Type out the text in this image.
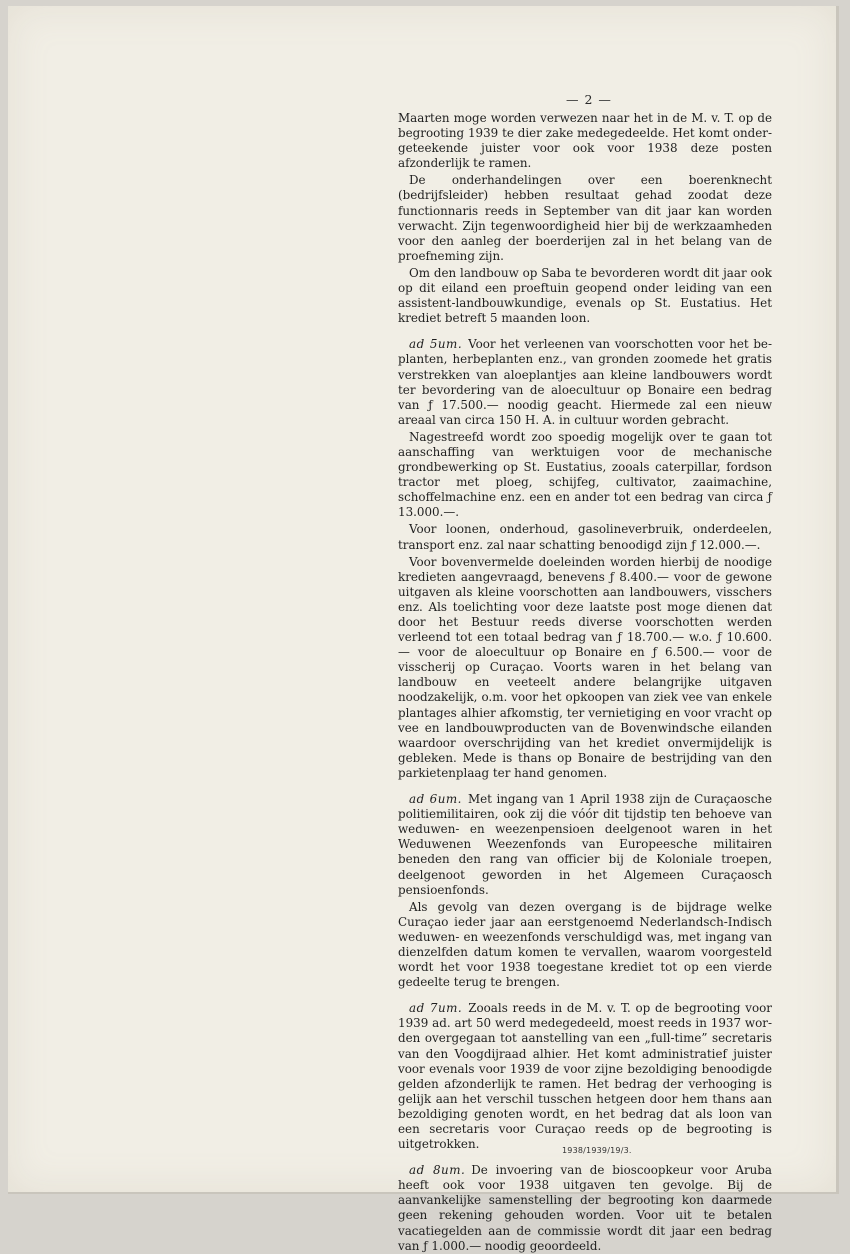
— 2 —

Maarten moge worden verwezen naar het in de M. v. T. op de begrooting 1939 te dier zake medegedeelde. Het komt ondergeteekende juister voor ook voor 1938 deze posten afzonderlijk te ramen.

De onderhandelingen over een boerenknecht (bedrijfsleider) hebben resultaat gehad zoodat deze functionnaris reeds in September van dit jaar kan worden verwacht. Zijn tegenwoordigheid hier bij de werkzaamheden voor den aanleg der boerderijen zal in het belang van de proefneming zijn.

Om den landbouw op Saba te bevorderen wordt dit jaar ook op dit eiland een proeftuin geopend onder leiding van een assistent-landbouwkundige, evenals op St. Eustatius. Het krediet betreft 5 maanden loon.

ad 5um. Voor het verleenen van voorschotten voor het beplanten, herbeplanten enz., van gronden zoomede het gratis verstrekken van aloeplantjes aan kleine landbouwers wordt ter bevordering van de aloecultuur op Bonaire een bedrag van ƒ 17.500.— noodig geacht. Hiermede zal een nieuw areaal van circa 150 H. A. in cultuur worden gebracht.

Nagestreefd wordt zoo spoedig mogelijk over te gaan tot aanschaffing van werktuigen voor de mechanische grondbewerking op St. Eustatius, zooals caterpillar, fordson tractor met ploeg, schijfeg, cultivator, zaaimachine, schoffelmachine enz. een en ander tot een bedrag van circa ƒ 13.000.—.

Voor loonen, onderhoud, gasolineverbruik, onderdeelen, transport enz. zal naar schatting benoodigd zijn ƒ 12.000.—.

Voor bovenvermelde doeleinden worden hierbij de noodige kredieten aangevraagd, benevens ƒ 8.400.— voor de gewone uitgaven als kleine voorschotten aan landbouwers, visschers enz. Als toelichting voor deze laatste post moge dienen dat door het Bestuur reeds diverse voorschotten werden verleend tot een totaal bedrag van ƒ 18.700.— w.o. ƒ 10.600.— voor de aloecultuur op Bonaire en ƒ 6.500.— voor de visscherij op Curaçao. Voorts waren in het belang van landbouw en veeteelt andere belangrijke uitgaven noodzakelijk, o.m. voor het opkoopen van ziek vee van enkele plantages alhier afkomstig, ter vernietiging en voor vracht op vee en landbouwproducten van de Bovenwindsche eilanden waardoor overschrijding van het krediet onvermijdelijk is gebleken. Mede is thans op Bonaire de bestrijding van den parkietenplaag ter hand genomen.

ad 6um. Met ingang van 1 April 1938 zijn de Curaçaosche politiemilitairen, ook zij die vóór dit tijdstip ten behoeve van weduwen- en weezenpensioen deelgenoot waren in het Weduwenen Weezenfonds van Europeesche militairen beneden den rang van officier bij de Koloniale troepen, deelgenoot geworden in het Algemeen Curaçaosch pensioenfonds.

Als gevolg van dezen overgang is de bijdrage welke Curaçao ieder jaar aan eerstgenoemd Nederlandsch-Indisch weduwen- en weezenfonds verschuldigd was, met ingang van dienzelfden datum komen te vervallen, waarom voorgesteld wordt het voor 1938 toegestane krediet tot op een vierde gedeelte terug te brengen.

ad 7um. Zooals reeds in de M. v. T. op de begrooting voor 1939 ad. art 50 werd medegedeeld, moest reeds in 1937 worden overgegaan tot aanstelling van een „full-time” secretaris van den Voogdijraad alhier. Het komt administratief juister voor evenals voor 1939 de voor zijne bezoldiging benoodigde gelden afzonderlijk te ramen. Het bedrag der verhooging is gelijk aan het verschil tusschen hetgeen door hem thans aan bezoldiging genoten wordt, en het bedrag dat als loon van een secretaris voor Curaçao reeds op de begrooting is uitgetrokken.

ad 8um. De invoering van de bioscoopkeur voor Aruba heeft ook voor 1938 uitgaven ten gevolge. Bij de aanvankelijke samenstelling der begrooting kon daarmede geen rekening gehouden worden. Voor uit te betalen vacatiegelden aan de commissie wordt dit jaar een bedrag van ƒ 1.000.— noodig geoordeeld.

1938/1939/19/3.
